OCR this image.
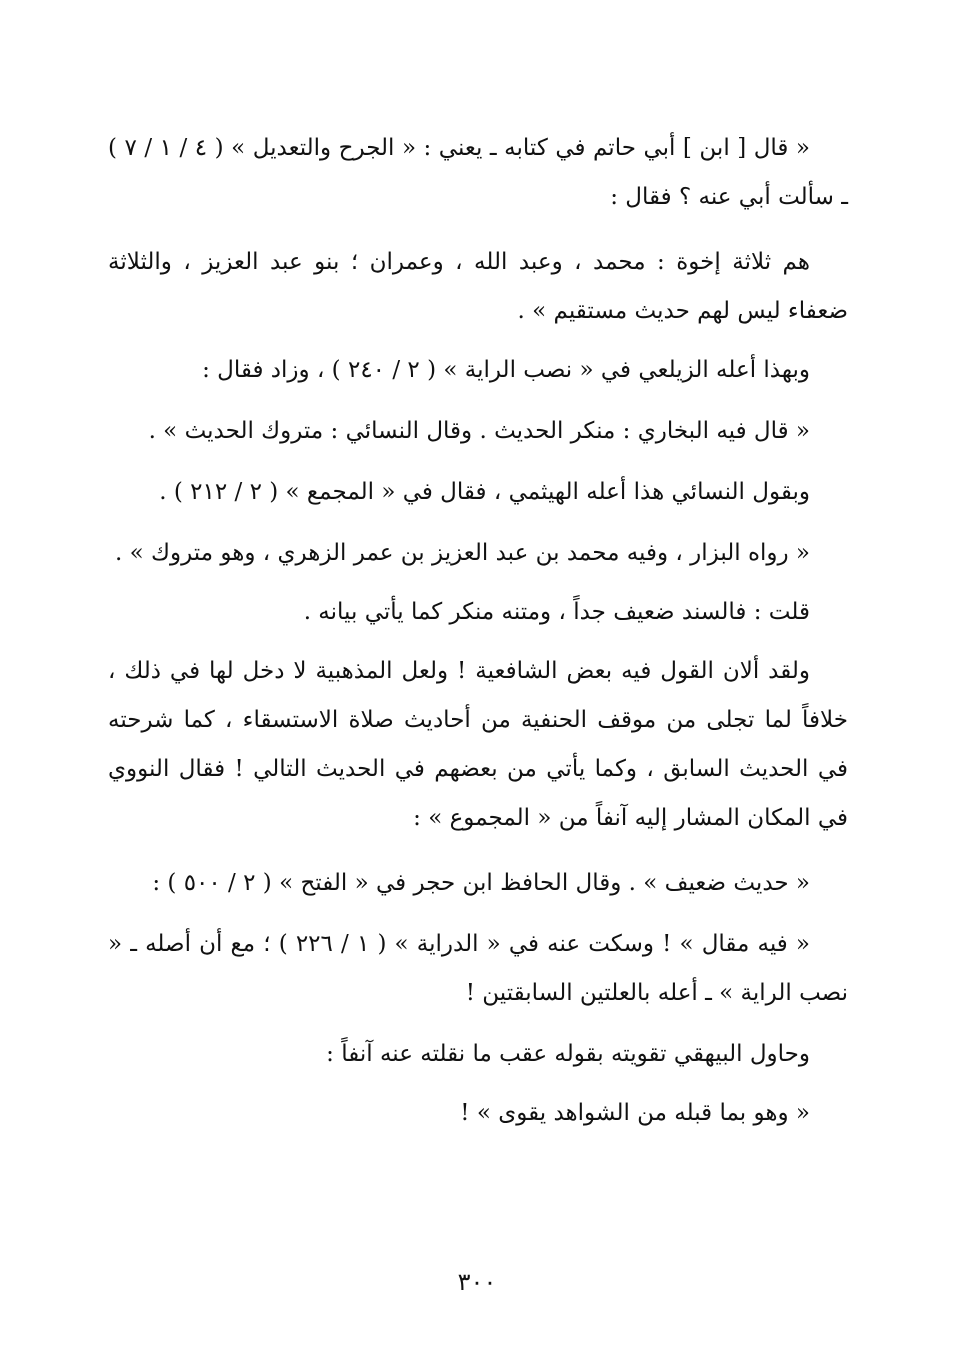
« قال [ ابن ] أبي حاتم في كتابه ـ يعني : « الجرح والتعديل » ( ٤ / ١ / ٧ ) ـ سألت أبي عنه ؟ فقال :

هم ثلاثة إخوة : محمد ، وعبد الله ، وعمران ؛ بنو عبد العزيز ، والثلاثة ضعفاء ليس لهم حديث مستقيم » .

وبهذا أعله الزيلعي في « نصب الراية » ( ٢ / ٢٤٠ ) ، وزاد فقال :

« قال فيه البخاري : منكر الحديث . وقال النسائي : متروك الحديث » .

وبقول النسائي هذا أعله الهيثمي ، فقال في « المجمع » ( ٢ / ٢١٢ ) .

« رواه البزار ، وفيه محمد بن عبد العزيز بن عمر الزهري ، وهو متروك » .

قلت : فالسند ضعيف جداً ، ومتنه منكر كما يأتي بيانه .

ولقد ألان القول فيه بعض الشافعية ! ولعل المذهبية لا دخل لها في ذلك ، خلافاً لما تجلى من موقف الحنفية من أحاديث صلاة الاستسقاء ، كما شرحته في الحديث السابق ، وكما يأتي من بعضهم في الحديث التالي ! فقال النووي في المكان المشار إليه آنفاً من « المجموع » :

« حديث ضعيف » . وقال الحافظ ابن حجر في « الفتح » ( ٢ / ٥٠٠ ) :

« فيه مقال » ! وسكت عنه في « الدراية » ( ١ / ٢٢٦ ) ؛ مع أن أصله ـ « نصب الراية » ـ أعله بالعلتين السابقتين !

وحاول البيهقي تقويته بقوله عقب ما نقلته عنه آنفاً :

« وهو بما قبله من الشواهد يقوى » !

٣٠٠
